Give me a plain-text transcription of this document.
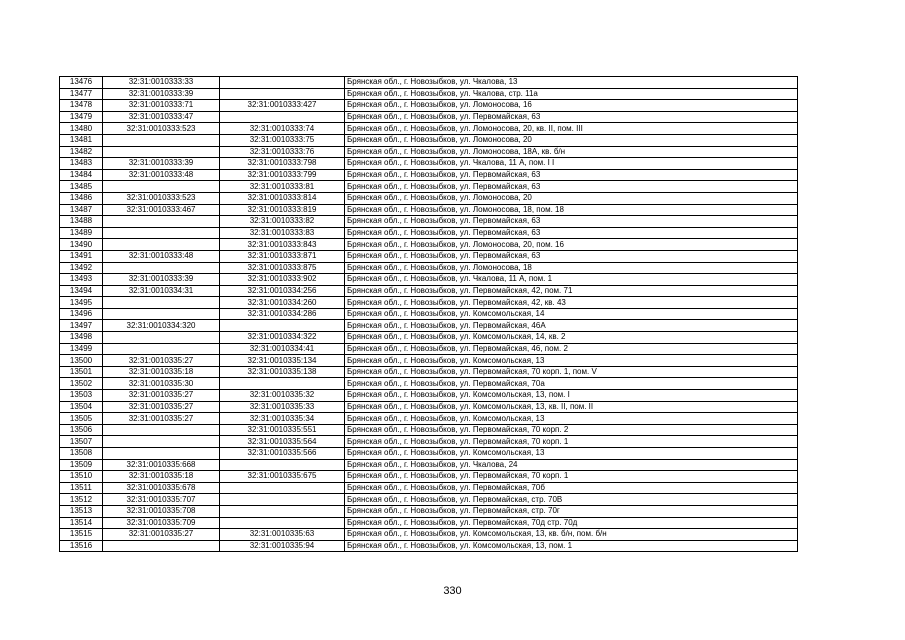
13476	32:31:0010333:33		Брянская обл., г. Новозыбков, ул. Чкалова, 13
13477	32:31:0010333:39		Брянская обл., г. Новозыбков, ул. Чкалова, стр. 11а
13478	32:31:0010333:71	32:31:0010333:427	Брянская обл., г. Новозыбков, ул. Ломоносова, 16
13479	32:31:0010333:47		Брянская обл., г. Новозыбков, ул. Первомайская, 63
13480	32:31:0010333:523	32:31:0010333:74	Брянская обл., г. Новозыбков, ул. Ломоносова, 20, кв. II, пом. III
13481		32:31:0010333:75	Брянская обл., г. Новозыбков, ул. Ломоносова, 20
13482		32:31:0010333:76	Брянская обл., г. Новозыбков, ул. Ломоносова, 18А, кв. б/н
13483	32:31:0010333:39	32:31:0010333:798	Брянская обл., г. Новозыбков, ул. Чкалова, 11 А, пом. I I
13484	32:31:0010333:48	32:31:0010333:799	Брянская обл., г. Новозыбков, ул. Первомайская, 63
13485		32:31:0010333:81	Брянская обл., г. Новозыбков, ул. Первомайская, 63
13486	32:31:0010333:523	32:31:0010333:814	Брянская обл., г. Новозыбков, ул. Ломоносова, 20
13487	32:31:0010333:467	32:31:0010333:819	Брянская обл., г. Новозыбков, ул. Ломоносова, 18, пом. 18
13488		32:31:0010333:82	Брянская обл., г. Новозыбков, ул. Первомайская, 63
13489		32:31:0010333:83	Брянская обл., г. Новозыбков, ул. Первомайская, 63
13490		32:31:0010333:843	Брянская обл., г. Новозыбков, ул. Ломоносова, 20, пом. 16
13491	32:31:0010333:48	32:31:0010333:871	Брянская обл., г. Новозыбков, ул. Первомайская, 63
13492		32:31:0010333:875	Брянская обл., г. Новозыбков, ул. Ломоносова, 18
13493	32:31:0010333:39	32:31:0010333:902	Брянская обл., г. Новозыбков, ул. Чкалова, 11 А, пом. 1
13494	32:31:0010334:31	32:31:0010334:256	Брянская обл., г. Новозыбков, ул. Первомайская, 42, пом. 71
13495		32:31:0010334:260	Брянская обл., г. Новозыбков, ул. Первомайская, 42, кв. 43
13496		32:31:0010334:286	Брянская обл., г. Новозыбков, ул. Комсомольская, 14
13497	32:31:0010334:320		Брянская обл., г. Новозыбков, ул. Первомайская, 46А
13498		32:31:0010334:322	Брянская обл., г. Новозыбков, ул. Комсомольская, 14, кв. 2
13499		32:31:0010334:41	Брянская обл., г. Новозыбков, ул. Первомайская, 46, пом. 2
13500	32:31:0010335:27	32:31:0010335:134	Брянская обл., г. Новозыбков, ул. Комсомольская, 13
13501	32:31:0010335:18	32:31:0010335:138	Брянская обл., г. Новозыбков, ул. Первомайская, 70 корп. 1, пом. V
13502	32:31:0010335:30		Брянская обл., г. Новозыбков, ул. Первомайская, 70а
13503	32:31:0010335:27	32:31:0010335:32	Брянская обл., г. Новозыбков, ул. Комсомольская, 13, пом. I
13504	32:31:0010335:27	32:31:0010335:33	Брянская обл., г. Новозыбков, ул. Комсомольская, 13, кв. II, пом. II
13505	32:31:0010335:27	32:31:0010335:34	Брянская обл., г. Новозыбков, ул. Комсомольская, 13
13506		32:31:0010335:551	Брянская обл., г. Новозыбков, ул. Первомайская, 70 корп. 2
13507		32:31:0010335:564	Брянская обл., г. Новозыбков, ул. Первомайская, 70 корп. 1
13508		32:31:0010335:566	Брянская обл., г. Новозыбков, ул. Комсомольская, 13
13509	32:31:0010335:668		Брянская обл., г. Новозыбков, ул. Чкалова, 24
13510	32:31:0010335:18	32:31:0010335:675	Брянская обл., г. Новозыбков, ул. Первомайская, 70 корп. 1
13511	32:31:0010335:678		Брянская обл., г. Новозыбков, ул. Первомайская, 70б
13512	32:31:0010335:707		Брянская обл., г. Новозыбков, ул. Первомайская, стр. 70В
13513	32:31:0010335:708		Брянская обл., г. Новозыбков, ул. Первомайская, стр. 70г
13514	32:31:0010335:709		Брянская обл., г. Новозыбков, ул. Первомайская, 70д стр. 70д
13515	32:31:0010335:27	32:31:0010335:63	Брянская обл., г. Новозыбков, ул. Комсомольская, 13, кв. б/н, пом. б/н
13516		32:31:0010335:94	Брянская обл., г. Новозыбков, ул. Комсомольская, 13, пом. 1
330
